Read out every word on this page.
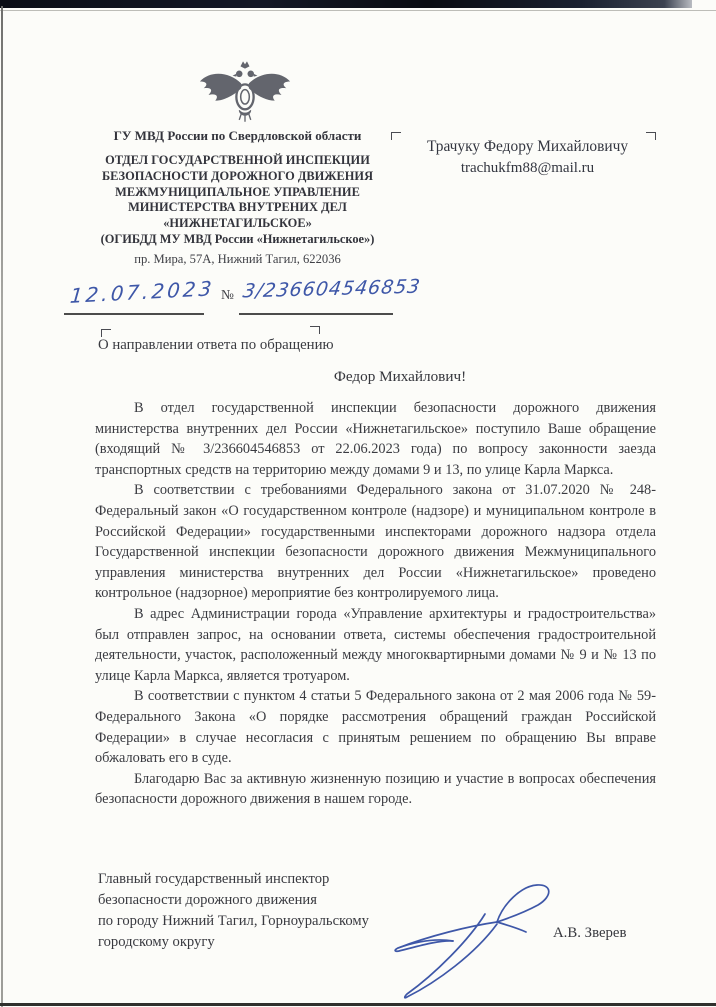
ГУ МВД России по Свердловской области
ОТДЕЛ ГОСУДАРСТВЕННОЙ ИНСПЕКЦИИ
БЕЗОПАСНОСТИ ДОРОЖНОГО ДВИЖЕНИЯ
МЕЖМУНИЦИПАЛЬНОЕ УПРАВЛЕНИЕ
МИНИСТЕРСТВА ВНУТРЕНИХ ДЕЛ
«НИЖНЕТАГИЛЬСКОЕ»
(ОГИБДД МУ МВД России «Нижнетагильское»)
пр. Мира, 57А, Нижний Тагил, 622036
12.07.2023 № 3/236604546853
Трачуку Федору Михайловичу
trachukfm88@mail.ru
О направлении ответа по обращению
Федор Михайлович!

В отдел государственной инспекции безопасности дорожного движения министерства внутренних дел России «Нижнетагильское» поступило Ваше обращение (входящий № 3/236604546853 от 22.06.2023 года) по вопросу законности заезда транспортных средств на территорию между домами 9 и 13, по улице Карла Маркса.

В соответствии с требованиями Федерального закона от 31.07.2020 № 248-Федеральный закон «О государственном контроле (надзоре) и муниципальном контроле в Российской Федерации» государственными инспекторами дорожного надзора отдела Государственной инспекции безопасности дорожного движения Межмуниципального управления министерства внутренних дел России «Нижнетагильское» проведено контрольное (надзорное) мероприятие без контролируемого лица.

В адрес Администрации города «Управление архитектуры и градостроительства» был отправлен запрос, на основании ответа, системы обеспечения градостроительной деятельности, участок, расположенный между многоквартирными домами № 9 и № 13 по улице Карла Маркса, является тротуаром.

В соответствии с пунктом 4 статьи 5 Федерального закона от 2 мая 2006 года № 59-Федерального Закона «О порядке рассмотрения обращений граждан Российской Федерации» в случае несогласия с принятым решением по обращению Вы вправе обжаловать его в суде.

Благодарю Вас за активную жизненную позицию и участие в вопросах обеспечения безопасности дорожного движения в нашем городе.

Главный государственный инспектор
безопасности дорожного движения
по городу Нижний Тагил, Горноуральскому
городскому округу
А.В. Зверев
